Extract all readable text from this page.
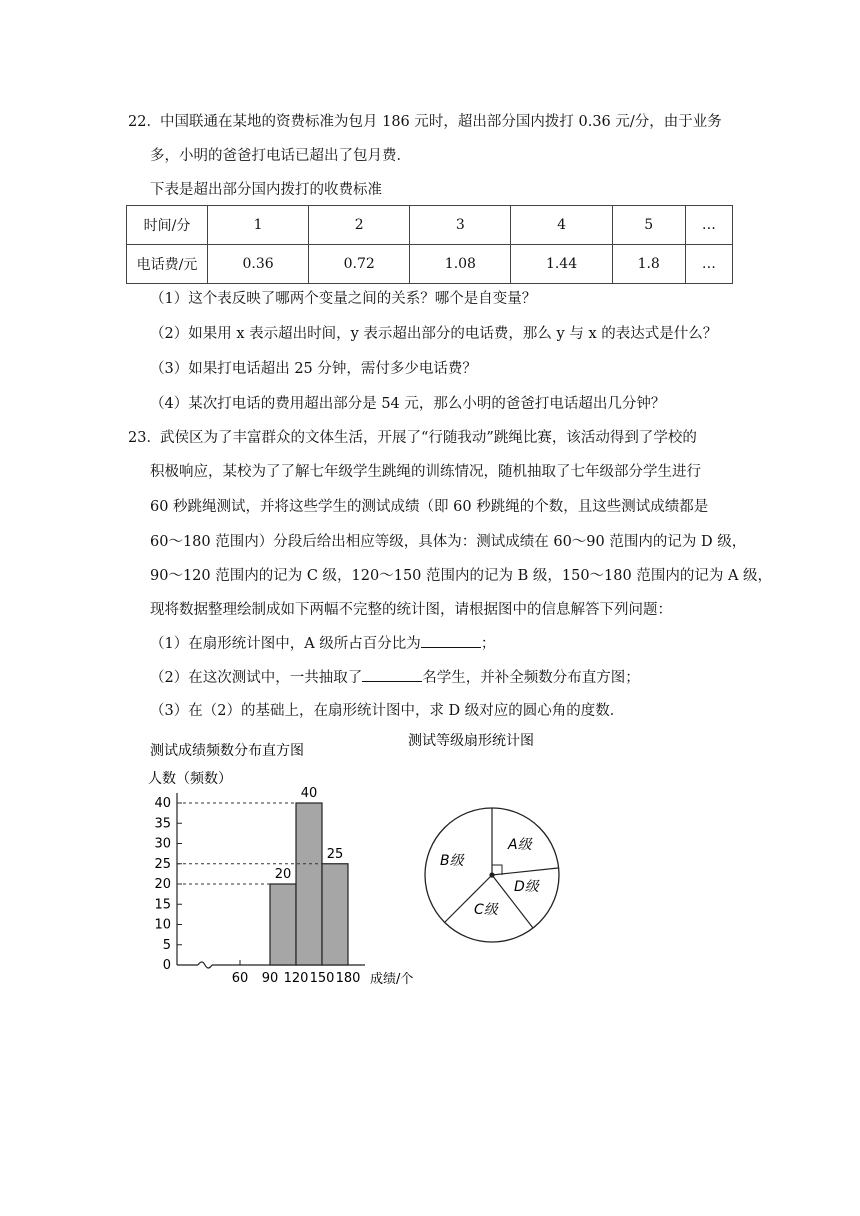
22． 中国联通在某地的资费标准为包月 186 元时，超出部分国内拨打 0.36 元/分，由于业务
多，小明的爸爸打电话已超出了包月费．
下表是超出部分国内拨打的收费标准
时间/分	1	2	3	4	5	…
电话费/元	0.36	0.72	1.08	1.44	1.8	…
（1）这个表反映了哪两个变量之间的关系？哪个是自变量？
（2）如果用 x 表示超出时间，y 表示超出部分的电话费，那么 y 与 x 的表达式是什么？
（3）如果打电话超出 25 分钟，需付多少电话费？
（4）某次打电话的费用超出部分是 54 元，那么小明的爸爸打电话超出几分钟？
23． 武侯区为了丰富群众的文体生活，开展了“行随我动”跳绳比赛，该活动得到了学校的
积极响应，某校为了了解七年级学生跳绳的训练情况，随机抽取了七年级部分学生进行
60 秒跳绳测试，并将这些学生的测试成绩（即 60 秒跳绳的个数，且这些测试成绩都是
60～180 范围内）分段后给出相应等级，具体为：测试成绩在 60～90 范围内的记为 D 级，
90～120 范围内的记为 C 级，120～150 范围内的记为 B 级，150～180 范围内的记为 A 级，
现将数据整理绘制成如下两幅不完整的统计图，请根据图中的信息解答下列问题：
（1）在扇形统计图中，A 级所占百分比为	；
（2）在这次测试中，一共抽取了	名学生，并补全频数分布直方图；
（3）在（2）的基础上，在扇形统计图中，求 D 级对应的圆心角的度数．
测试成绩频数分布直方图
人数（频数）
成绩/个
0
5
10
15
20
25
30
35
40
60 90 120 150 180
20
40
25
测试等级扇形统计图
A级
D级
C级
B级
